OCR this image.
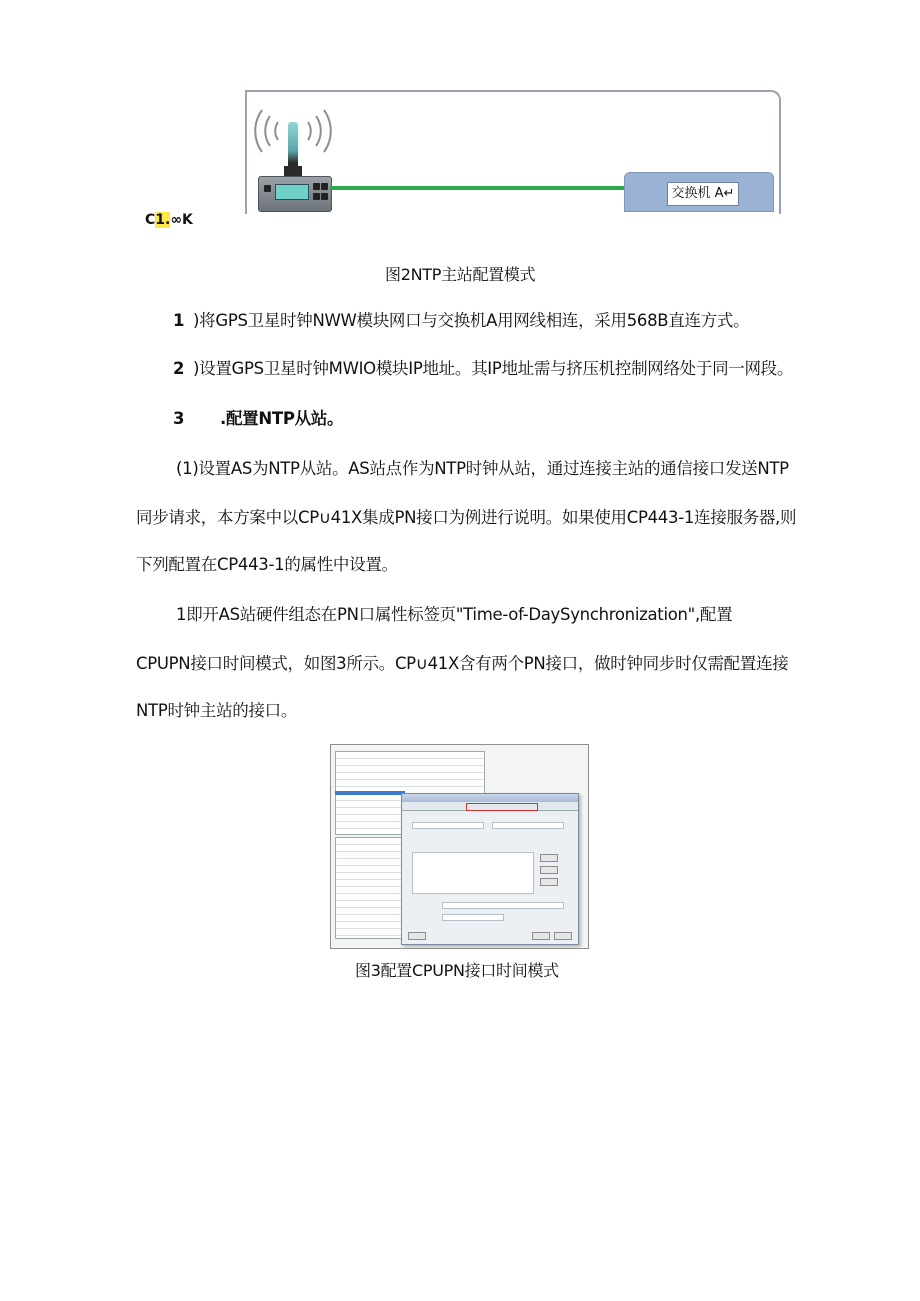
交换机 A↵
C1.∞K
图2NTP主站配置模式
1 )将GPS卫星时钟NWW模块网口与交换机A用网线相连，采用568B直连方式。
2 )设置GPS卫星时钟MWIO模块IP地址。其IP地址需与挤压机控制网络处于同一网段。
3 .配置NTP从站。
(1)设置AS为NTP从站。AS站点作为NTP时钟从站，通过连接主站的通信接口发送NTP
同步请求，本方案中以CP∪41X集成PN接口为例进行说明。如果使用CP443-1连接服务器,则
下列配置在CP443-1的属性中设置。
1即开AS站硬件组态在PN口属性标签页"Time-of-DaySynchronization",配置
CPUPN接口时间模式，如图3所示。CP∪41X含有两个PN接口，做时钟同步时仅需配置连接
NTP时钟主站的接口。
图3配置CPUPN接口时间模式
